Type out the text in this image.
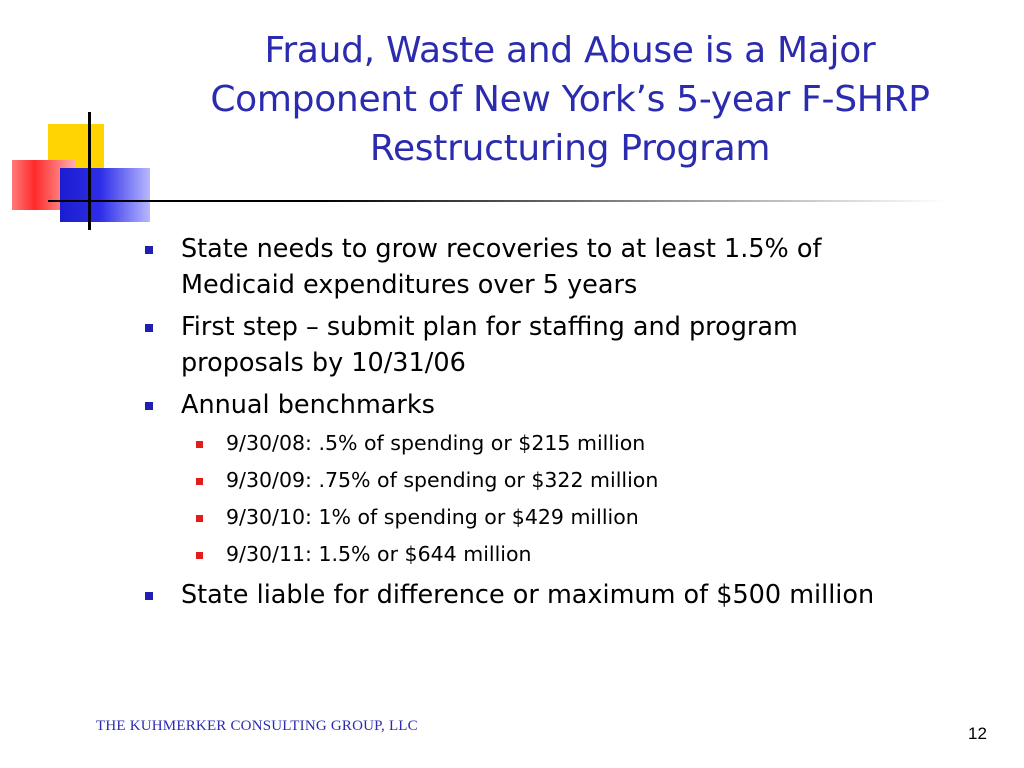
Fraud, Waste and Abuse is a Major
Component of New York’s 5-year F-SHRP
Restructuring Program
State needs to grow recoveries to at least 1.5% of
Medicaid expenditures over 5 years
First step – submit plan for staffing and program
proposals by 10/31/06
Annual benchmarks
9/30/08: .5% of spending or $215 million
9/30/09: .75% of spending or $322 million
9/30/10: 1% of spending or $429 million
9/30/11: 1.5% or $644 million
State liable for difference or maximum of $500 million
THE KUHMERKER CONSULTING GROUP, LLC	12
